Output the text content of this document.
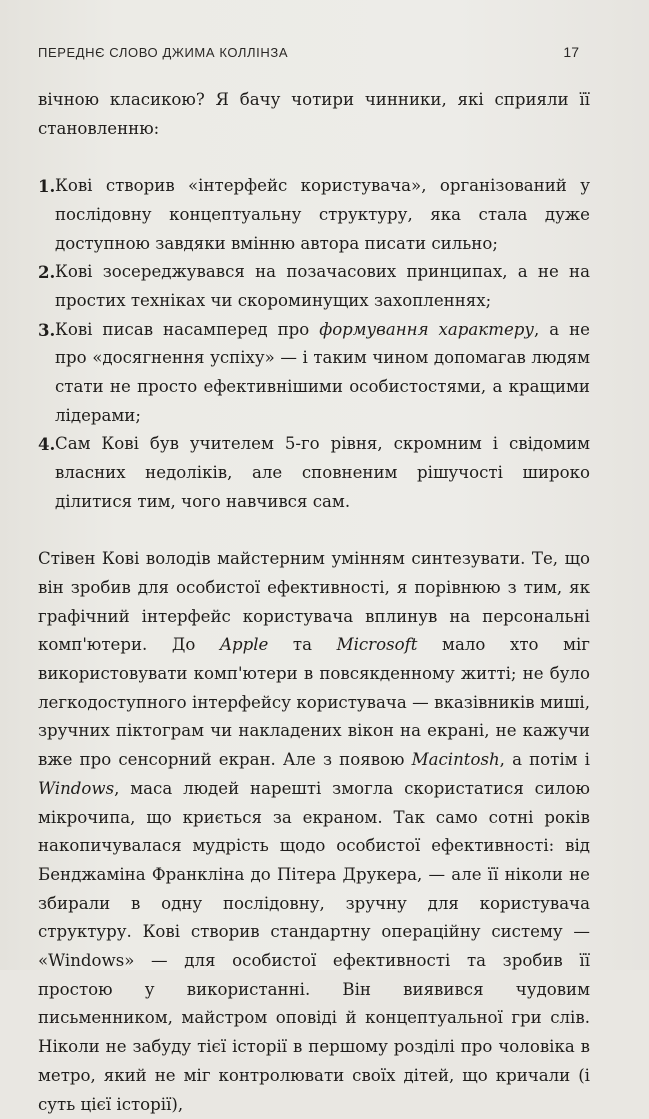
ПЕРЕДНЄ СЛОВО ДЖИМА КОЛЛІНЗА	17

вічною класикою? Я бачу чотири чинники, які сприяли її становленню:

1. Кові створив «інтерфейс користувача», організований у послідовну концептуальну структуру, яка стала дуже доступною завдяки вмінню автора писати сильно;
2. Кові зосереджувався на позачасових принципах, а не на простих техніках чи скороминущих захопленнях;
3. Кові писав насамперед про формування характеру, а не про «досягнення успіху» — і таким чином допомагав людям стати не просто ефективнішими особистостями, а кращими лідерами;
4. Сам Кові був учителем 5-го рівня, скромним і свідомим власних недоліків, але сповненим рішучості широко ділитися тим, чого навчився сам.

Стівен Кові володів майстерним умінням синтезувати. Те, що він зробив для особистої ефективності, я порівнюю з тим, як графічний інтерфейс користувача вплинув на персональні комп'ютери. До Apple та Microsoft мало хто міг використовувати комп'ютери в повсякденному житті; не було легкодоступного інтерфейсу користувача — вказівників миші, зручних піктограм чи накладених вікон на екрані, не кажучи вже про сенсорний екран. Але з появою Macintosh, а потім і Windows, маса людей нарешті змогла скористатися силою мікрочипа, що криється за екраном. Так само сотні років накопичувалася мудрість щодо особистої ефективності: від Бенджаміна Франкліна до Пітера Друкера, — але її ніколи не збирали в одну послідовну, зручну для користувача структуру. Кові створив стандартну операційну систему — «Windows» — для особистої ефективності та зробив її простою у використанні. Він виявився чудовим письменником, майстром оповіді й концептуальної гри слів. Ніколи не забуду тієї історії в першому розділі про чоловіка в метро, який не міг контролювати своїх дітей, що кричали (і суть цієї історії),
